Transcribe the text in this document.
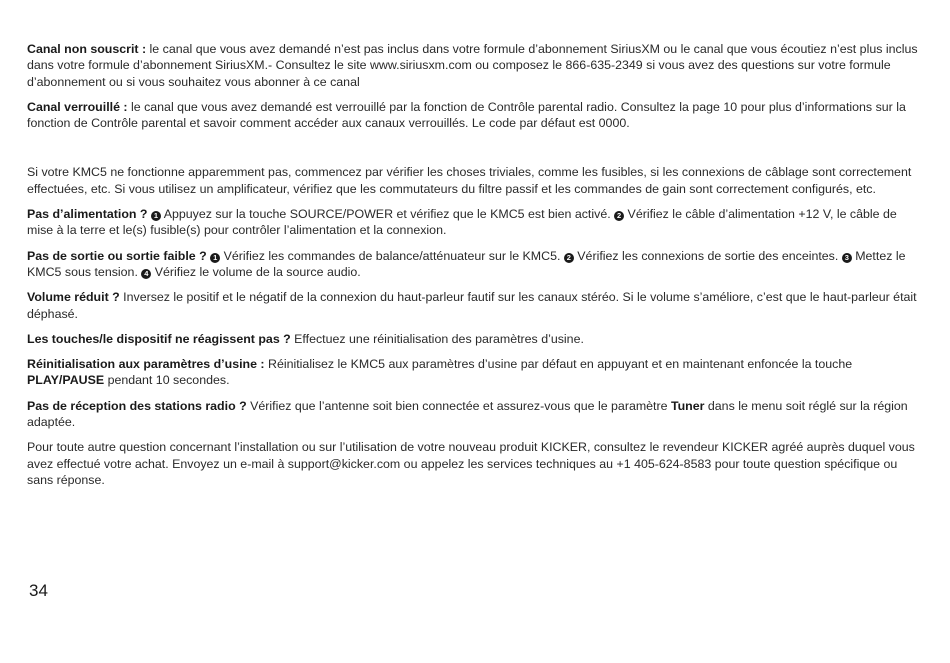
Canal non souscrit : le canal que vous avez demandé n’est pas inclus dans votre formule d’abonnement SiriusXM ou le canal que vous écoutiez n’est plus inclus dans votre formule d’abonnement SiriusXM.- Consultez le site www.siriusxm.com ou composez le 866-635-2349 si vous avez des questions sur votre formule d’abonnement ou si vous souhaitez vous abonner à ce canal

Canal verrouillé : le canal que vous avez demandé est verrouillé par la fonction de Contrôle parental radio. Consultez la page 10 pour plus d’informations sur la fonction de Contrôle parental et savoir comment accéder aux canaux verrouillés. Le code par défaut est 0000.

Si votre KMC5 ne fonctionne apparemment pas, commencez par vérifier les choses triviales, comme les fusibles, si les connexions de câblage sont correctement effectuées, etc. Si vous utilisez un amplificateur, vérifiez que les commutateurs du filtre passif et les commandes de gain sont correctement configurés, etc.

Pas d’alimentation ? 1 Appuyez sur la touche SOURCE/POWER et vérifiez que le KMC5 est bien activé. 2 Vérifiez le câble d’alimentation +12 V, le câble de mise à la terre et le(s) fusible(s) pour contrôler l’alimentation et la connexion.

Pas de sortie ou sortie faible ? 1 Vérifiez les commandes de balance/atténuateur sur le KMC5. 2 Vérifiez les connexions de sortie des enceintes. 3 Mettez le KMC5 sous tension. 4 Vérifiez le volume de la source audio.

Volume réduit ? Inversez le positif et le négatif de la connexion du haut-parleur fautif sur les canaux stéréo. Si le volume s’améliore, c’est que le haut-parleur était déphasé.

Les touches/le dispositif ne réagissent pas ? Effectuez une réinitialisation des paramètres d’usine.

Réinitialisation aux paramètres d’usine : Réinitialisez le KMC5 aux paramètres d’usine par défaut en appuyant et en maintenant enfoncée la touche PLAY/PAUSE pendant 10 secondes.

Pas de réception des stations radio ? Vérifiez que l’antenne soit bien connectée et assurez-vous que le paramètre Tuner dans le menu soit réglé sur la région adaptée.

Pour toute autre question concernant l’installation ou sur l’utilisation de votre nouveau produit KICKER, consultez le revendeur KICKER agréé auprès duquel vous avez effectué votre achat. Envoyez un e-mail à support@kicker.com ou appelez les services techniques au +1 405-624-8583 pour toute question spécifique ou sans réponse.

34
